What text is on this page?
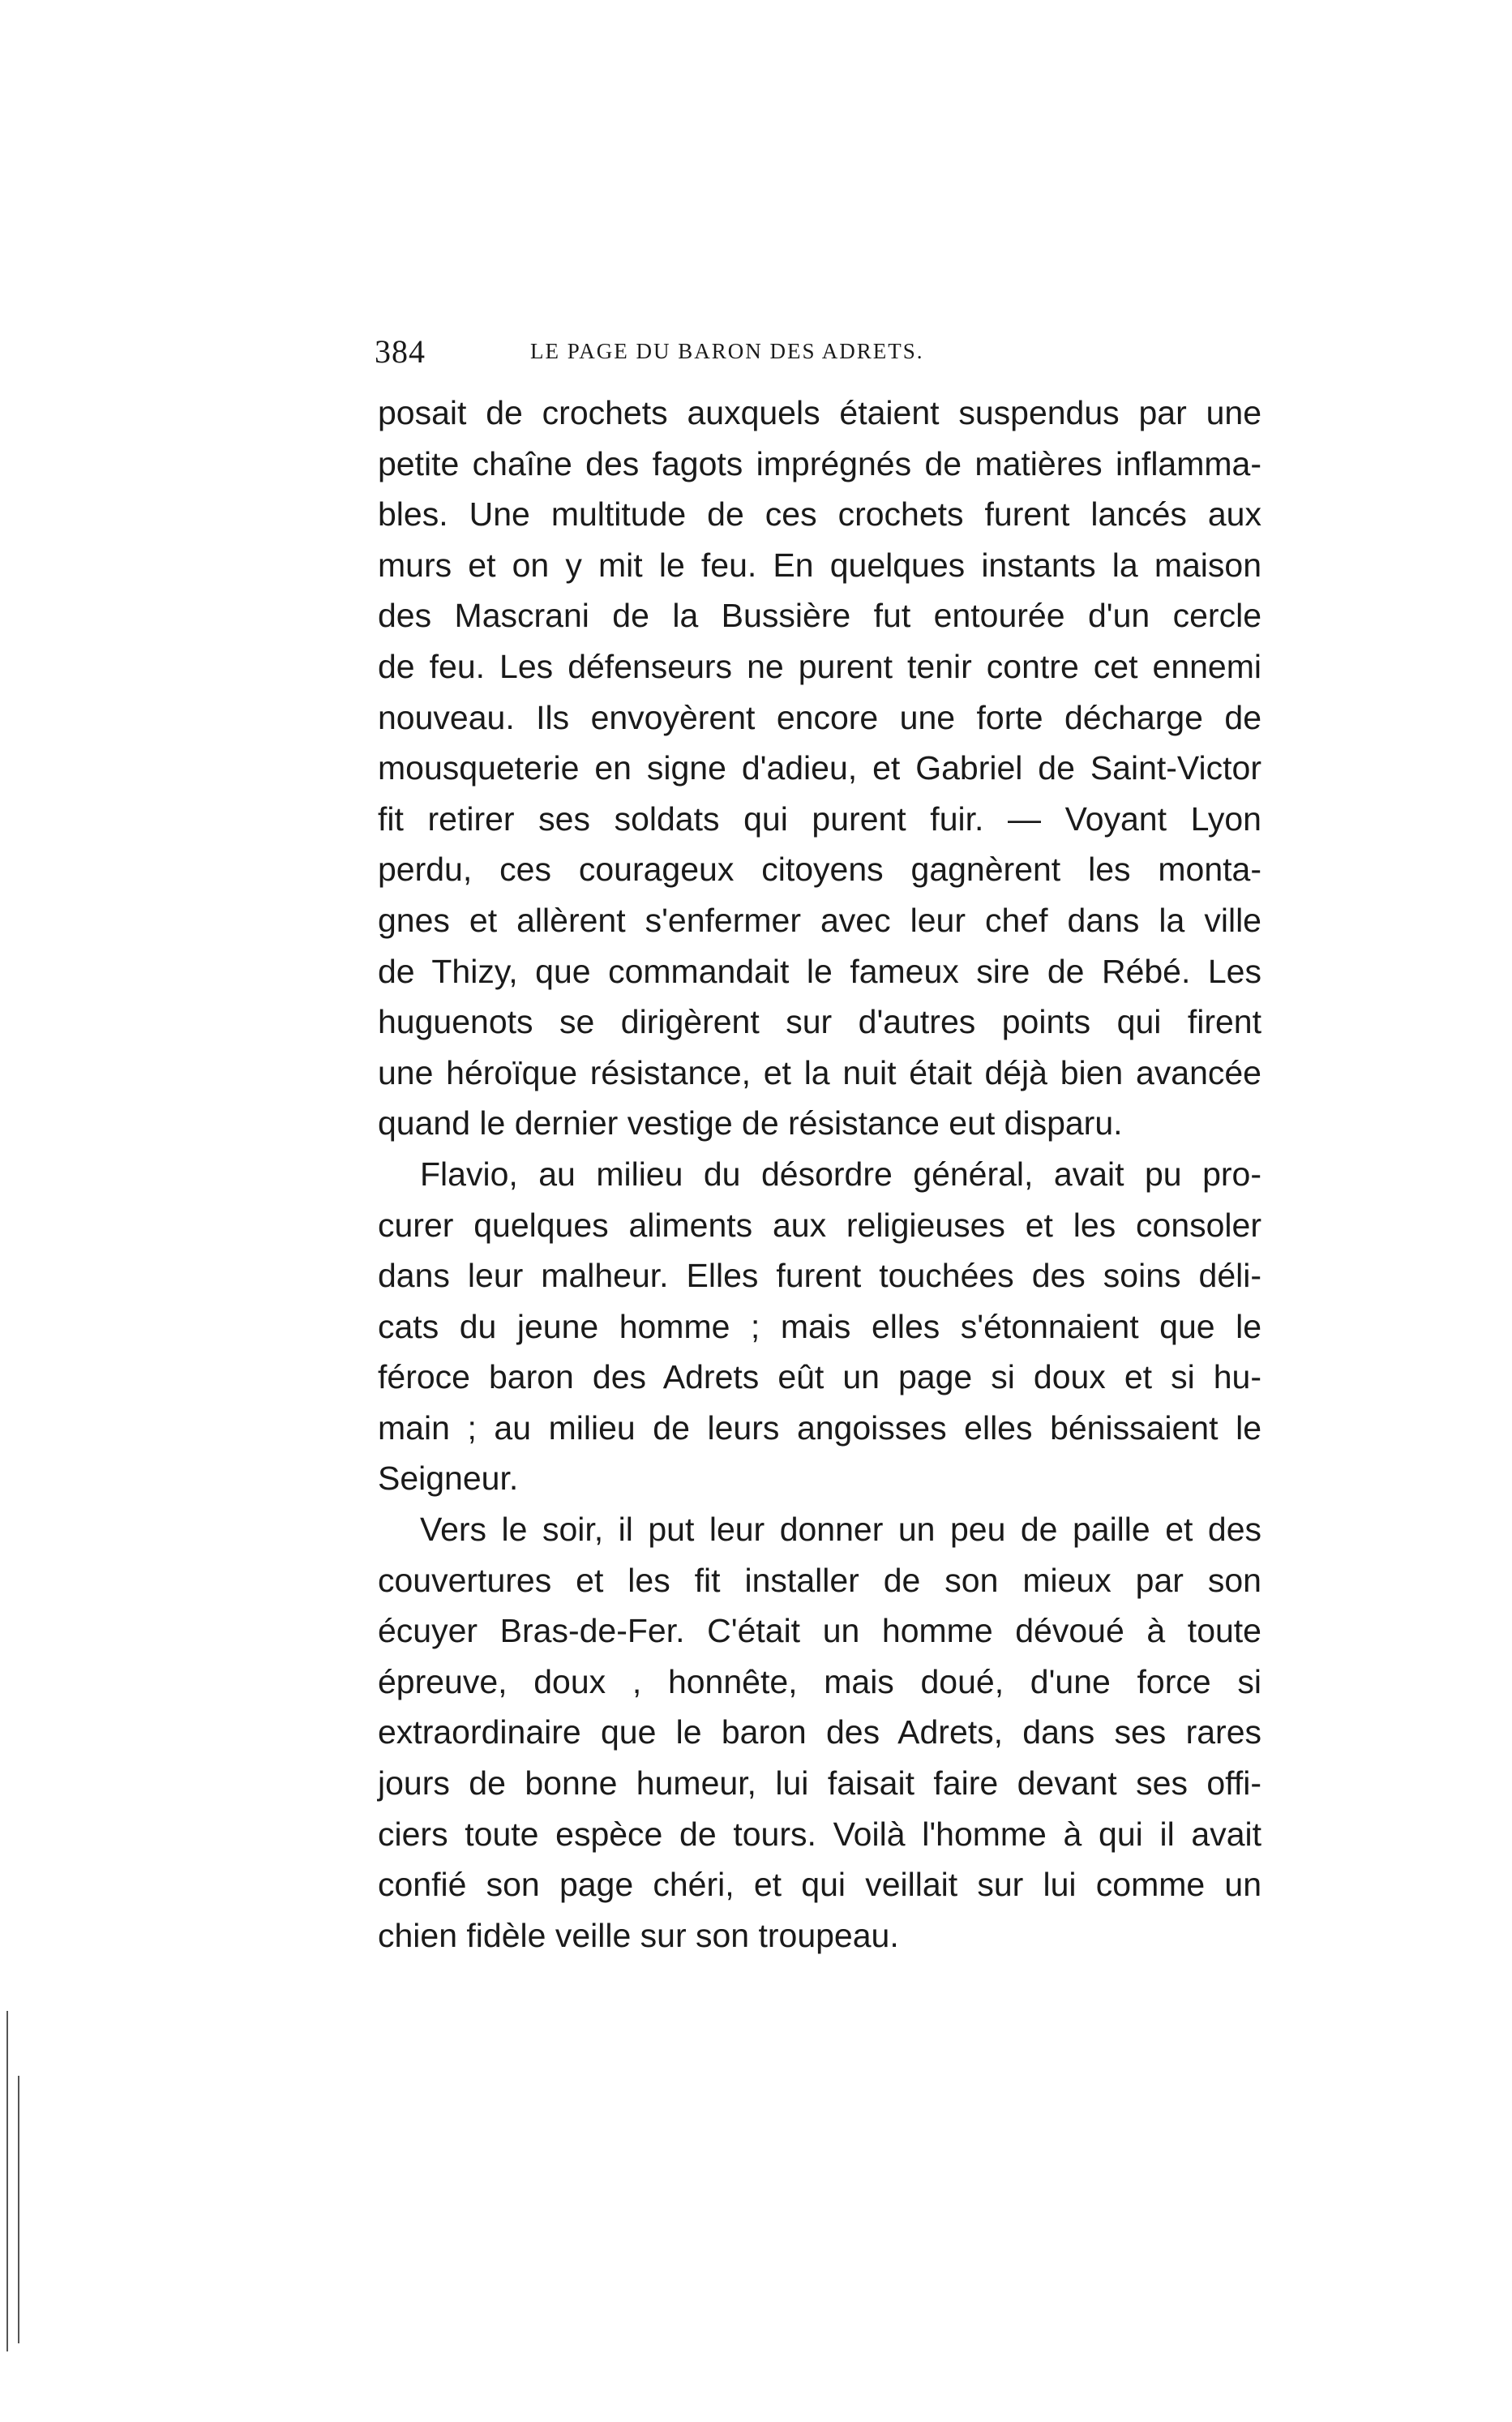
384	LE PAGE DU BARON DES ADRETS.
posait de crochets auxquels étaient suspendus par une
petite chaîne des fagots imprégnés de matières inflamma-
bles. Une multitude de ces crochets furent lancés aux
murs et on y mit le feu. En quelques instants la maison
des Mascrani de la Bussière fut entourée d'un cercle
de feu. Les défenseurs ne purent tenir contre cet ennemi
nouveau. Ils envoyèrent encore une forte décharge de
mousqueterie en signe d'adieu, et Gabriel de Saint-Victor
fit retirer ses soldats qui purent fuir. — Voyant Lyon
perdu, ces courageux citoyens gagnèrent les monta-
gnes et allèrent s'enfermer avec leur chef dans la ville
de Thizy, que commandait le fameux sire de Rébé. Les
huguenots se dirigèrent sur d'autres points qui firent
une héroïque résistance, et la nuit était déjà bien avancée
quand le dernier vestige de résistance eut disparu.
Flavio, au milieu du désordre général, avait pu pro-
curer quelques aliments aux religieuses et les consoler
dans leur malheur. Elles furent touchées des soins déli-
cats du jeune homme ; mais elles s'étonnaient que le
féroce baron des Adrets eût un page si doux et si hu-
main ; au milieu de leurs angoisses elles bénissaient le
Seigneur.
Vers le soir, il put leur donner un peu de paille et des
couvertures et les fit installer de son mieux par son
écuyer Bras-de-Fer. C'était un homme dévoué à toute
épreuve, doux , honnête, mais doué, d'une force si
extraordinaire que le baron des Adrets, dans ses rares
jours de bonne humeur, lui faisait faire devant ses offi-
ciers toute espèce de tours. Voilà l'homme à qui il avait
confié son page chéri, et qui veillait sur lui comme un
chien fidèle veille sur son troupeau.
